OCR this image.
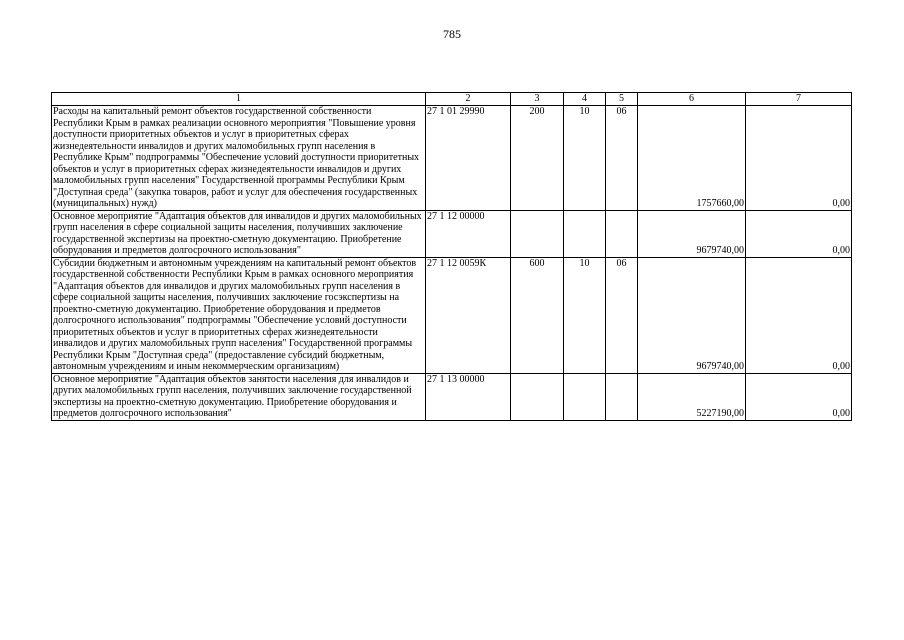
785
1	2	3	4	5	6	7
Расходы на капитальный ремонт объектов государственной собственности Республики Крым в рамках реализации основного мероприятия "Повышение уровня доступности приоритетных объектов и услуг в приоритетных сферах жизнедеятельности инвалидов и других маломобильных групп населения в Республике Крым" подпрограммы "Обеспечение условий доступности приоритетных объектов и услуг в приоритетных сферах жизнедеятельности инвалидов и других маломобильных групп населения" Государственной программы Республики Крым "Доступная среда" (закупка товаров, работ и услуг для обеспечения государственных (муниципальных) нужд)	27 1 01 29990	200	10	06	1757660,00	0,00

Основное мероприятие "Адаптация объектов для инвалидов и других маломобильных групп населения в сфере социальной защиты населения, получивших заключение государственной экспертизы на проектно-сметную документацию. Приобретение оборудования и предметов долгосрочного использования"	27 1 12 00000				9679740,00	0,00

Субсидии бюджетным и автономным учреждениям на капитальный ремонт объектов государственной собственности Республики Крым в рамках основного мероприятия "Адаптация объектов для инвалидов и других маломобильных групп населения в сфере социальной защиты населения, получивших заключение госэкспертизы на проектно-сметную документацию. Приобретение оборудования и предметов долгосрочного использования" подпрограммы "Обеспечение условий доступности приоритетных объектов и услуг в приоритетных сферах жизнедеятельности инвалидов и других маломобильных групп населения" Государственной программы Республики Крым "Доступная среда" (предоставление субсидий бюджетным, автономным учреждениям и иным некоммерческим организациям)	27 1 12 0059К	600	10	06	9679740,00	0,00

Основное мероприятие "Адаптация объектов занятости населения для инвалидов и других маломобильных групп населения, получивших заключение государственной экспертизы на проектно-сметную документацию. Приобретение оборудования и предметов долгосрочного использования"	27 1 13 00000				5227190,00	0,00
